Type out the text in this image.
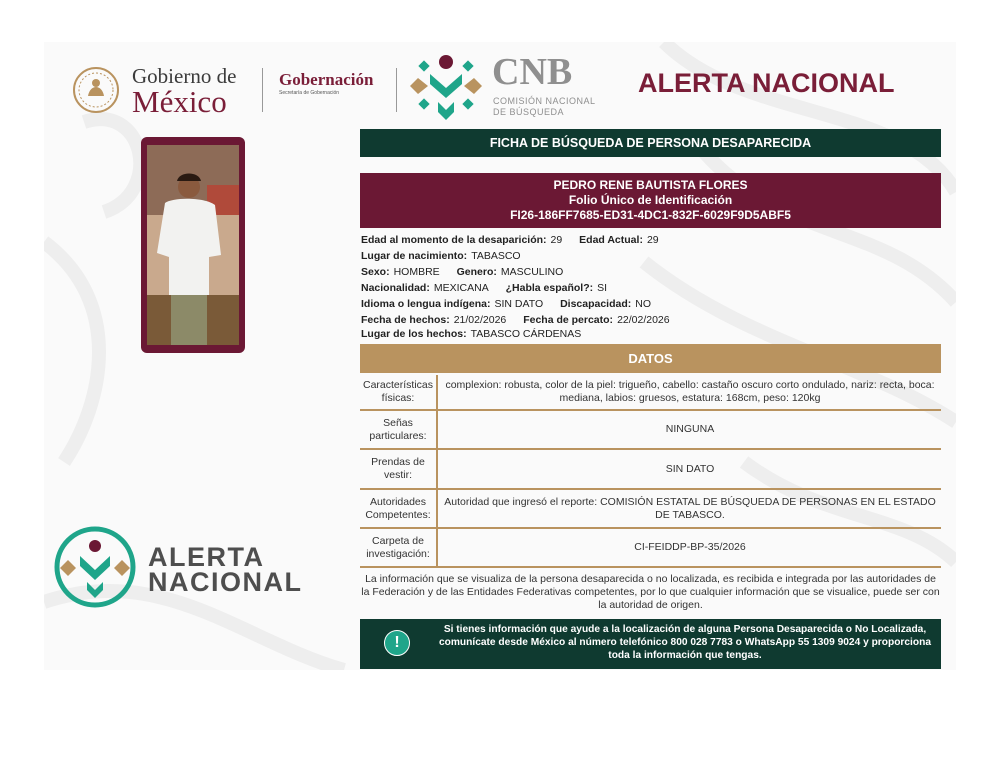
Gobierno de
México
Gobernación
Secretaría de Gobernación	CNB
COMISIÓN NACIONAL
DE BÚSQUEDA
ALERTA NACIONAL
ALERTA
NACIONAL
FICHA DE BÚSQUEDA DE PERSONA DESAPARECIDA
PEDRO RENE BAUTISTA FLORES
Folio Único de Identificación
FI26-186FF7685-ED31-4DC1-832F-6029F9D5ABF5
Edad al momento de la desaparición: 29 Edad Actual: 29
Lugar de nacimiento: TABASCO
Sexo: HOMBRE Genero: MASCULINO
Nacionalidad: MEXICANA ¿Habla español?: SI
Idioma o lengua indígena: SIN DATO Discapacidad: NO
Fecha de hechos: 21/02/2026 Fecha de percato: 22/02/2026
Lugar de los hechos: TABASCO CÁRDENAS
DATOS
Características físicas:
complexion: robusta, color de la piel: trigueño, cabello: castaño oscuro corto ondulado, nariz: recta, boca: mediana, labios: gruesos, estatura: 168cm, peso: 120kg
Señas particulares:
NINGUNA
Prendas de vestir:
SIN DATO
Autoridades Competentes:
Autoridad que ingresó el reporte: COMISIÓN ESTATAL DE BÚSQUEDA DE PERSONAS EN EL ESTADO DE TABASCO.
Carpeta de investigación:
CI-FEIDDP-BP-35/2026
La información que se visualiza de la persona desaparecida o no localizada, es recibida e integrada por las autoridades de la Federación y de las Entidades Federativas competentes, por lo que cualquier información que se visualice, puede ser con la autoridad de origen.
!
Si tienes información que ayude a la localización de alguna Persona Desaparecida o No Localizada, comunícate desde México al número telefónico 800 028 7783 o WhatsApp 55 1309 9024 y proporciona toda la información que tengas.
